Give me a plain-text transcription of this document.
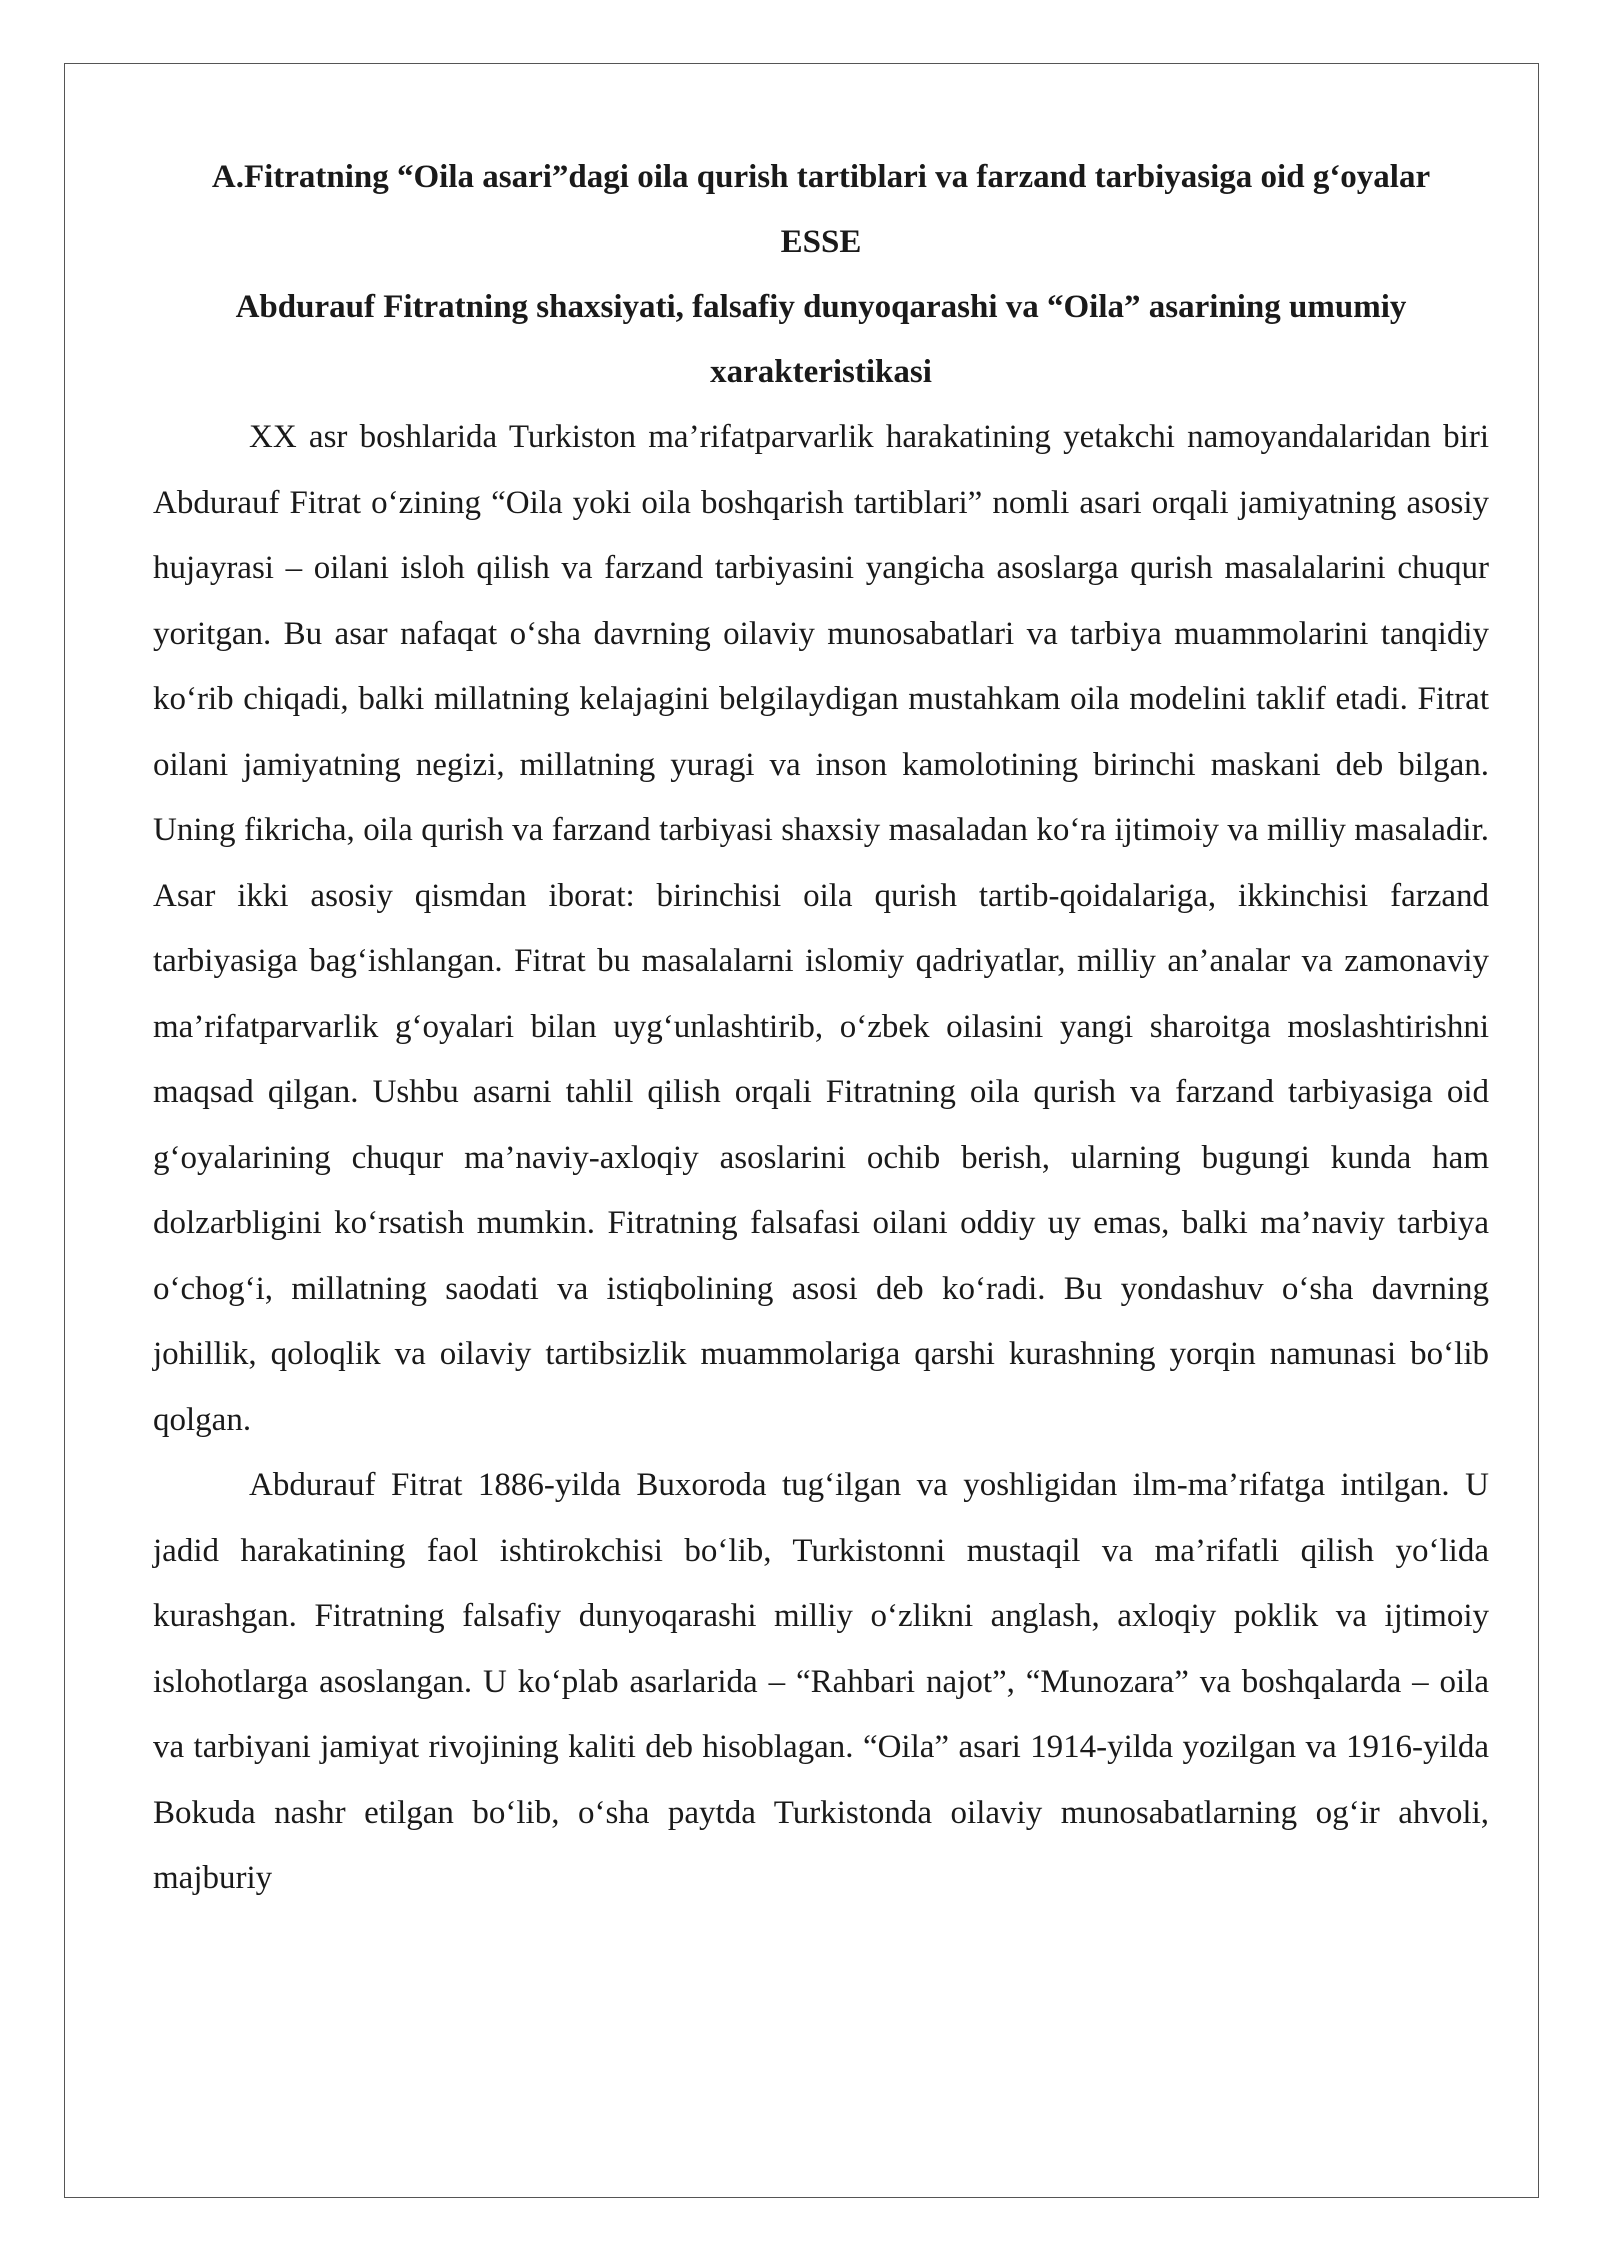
A.Fitratning “Oila asari”dagi oila qurish tartiblari va farzand tarbiyasiga oid g‘oyalar
ESSE
Abdurauf Fitratning shaxsiyati, falsafiy dunyoqarashi va “Oila” asarining umumiy xarakteristikasi

XX asr boshlarida Turkiston ma’rifatparvarlik harakatining yetakchi namoyandalaridan biri Abdurauf Fitrat o‘zining “Oila yoki oila boshqarish tartiblari” nomli asari orqali jamiyatning asosiy hujayrasi – oilani isloh qilish va farzand tarbiyasini yangicha asoslarga qurish masalalarini chuqur yoritgan. Bu asar nafaqat o‘sha davrning oilaviy munosabatlari va tarbiya muammolarini tanqidiy ko‘rib chiqadi, balki millatning kelajagini belgilaydigan mustahkam oila modelini taklif etadi. Fitrat oilani jamiyatning negizi, millatning yuragi va inson kamolotining birinchi maskani deb bilgan. Uning fikricha, oila qurish va farzand tarbiyasi shaxsiy masaladan ko‘ra ijtimoiy va milliy masaladir. Asar ikki asosiy qismdan iborat: birinchisi oila qurish tartib-qoidalariga, ikkinchisi farzand tarbiyasiga bag‘ishlangan. Fitrat bu masalalarni islomiy qadriyatlar, milliy an’analar va zamonaviy ma’rifatparvarlik g‘oyalari bilan uyg‘unlashtirib, o‘zbek oilasini yangi sharoitga moslashtirishni maqsad qilgan. Ushbu asarni tahlil qilish orqali Fitratning oila qurish va farzand tarbiyasiga oid g‘oyalarining chuqur ma’naviy-axloqiy asoslarini ochib berish, ularning bugungi kunda ham dolzarbligini ko‘rsatish mumkin. Fitratning falsafasi oilani oddiy uy emas, balki ma’naviy tarbiya o‘chog‘i, millatning saodati va istiqbolining asosi deb ko‘radi. Bu yondashuv o‘sha davrning johillik, qoloqlik va oilaviy tartibsizlik muammolariga qarshi kurashning yorqin namunasi bo‘lib qolgan.

Abdurauf Fitrat 1886-yilda Buxoroda tug‘ilgan va yoshligidan ilm-ma’rifatga intilgan. U jadid harakatining faol ishtirokchisi bo‘lib, Turkistonni mustaqil va ma’rifatli qilish yo‘lida kurashgan. Fitratning falsafiy dunyoqarashi milliy o‘zlikni anglash, axloqiy poklik va ijtimoiy islohotlarga asoslangan. U ko‘plab asarlarida – “Rahbari najot”, “Munozara” va boshqalarda – oila va tarbiyani jamiyat rivojining kaliti deb hisoblagan. “Oila” asari 1914-yilda yozilgan va 1916-yilda Bokuda nashr etilgan bo‘lib, o‘sha paytda Turkistonda oilaviy munosabatlarning og‘ir ahvoli, majburiy
